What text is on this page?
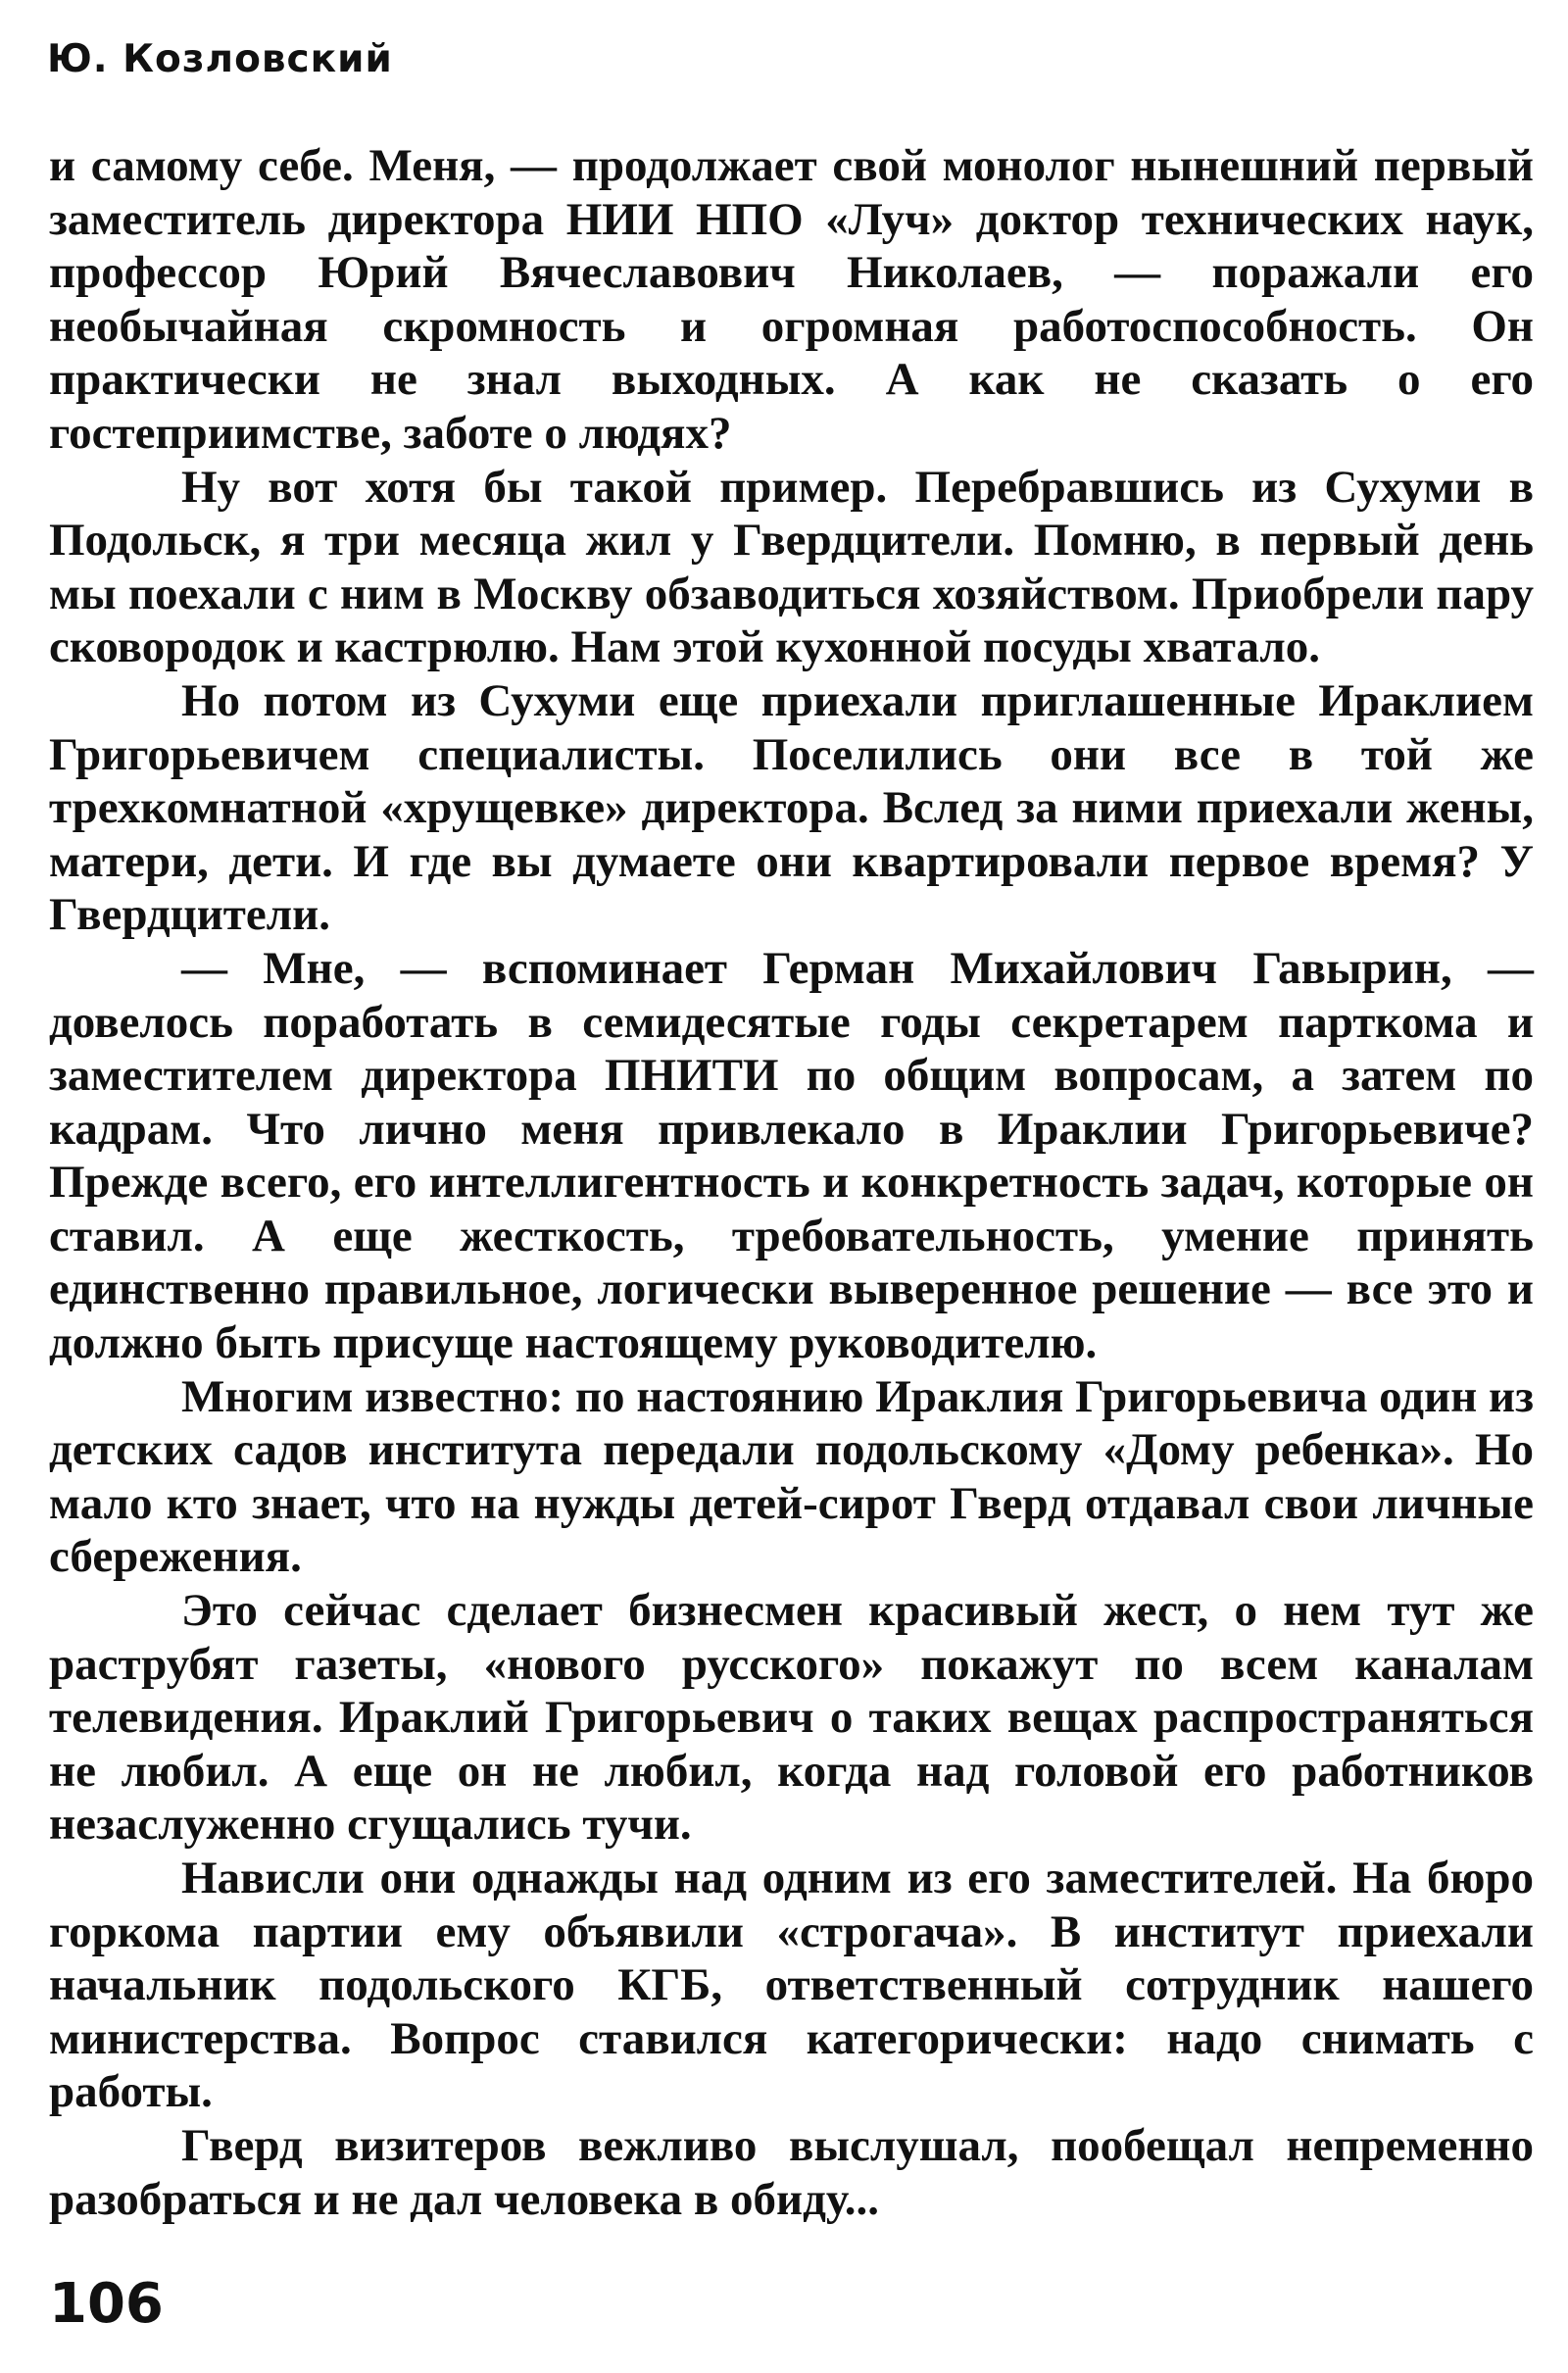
Ю. Козловский

и самому себе. Меня, — продолжает свой монолог нынешний первый заместитель директора НИИ НПО «Луч» доктор технических наук, профессор Юрий Вячеславович Николаев, — поражали его необычайная скромность и огромная работоспособность. Он практически не знал выходных. А как не сказать о его гостеприимстве, заботе о людях?

Ну вот хотя бы такой пример. Перебравшись из Сухуми в Подольск, я три месяца жил у Гвердцители. Помню, в первый день мы поехали с ним в Москву обзаводиться хозяйством. Приобрели пару сковородок и кастрюлю. Нам этой кухонной посуды хватало.

Но потом из Сухуми еще приехали приглашенные Ираклием Григорьевичем специалисты. Поселились они все в той же трехкомнатной «хрущевке» директора. Вслед за ними приехали жены, матери, дети. И где вы думаете они квартировали первое время? У Гвердцители.

— Мне, — вспоминает Герман Михайлович Гавырин, — довелось поработать в семидесятые годы секретарем парткома и заместителем директора ПНИТИ по общим вопросам, а затем по кадрам. Что лично меня привлекало в Ираклии Григорьевиче? Прежде всего, его интеллигентность и конкретность задач, которые он ставил. А еще жесткость, требовательность, умение принять единственно правильное, логически выверенное решение — все это и должно быть присуще настоящему руководителю.

Многим известно: по настоянию Ираклия Григорьевича один из детских садов института передали подольскому «Дому ребенка». Но мало кто знает, что на нужды детей-сирот Гверд отдавал свои личные сбережения.

Это сейчас сделает бизнесмен красивый жест, о нем тут же раструбят газеты, «нового русского» покажут по всем каналам телевидения. Ираклий Григорьевич о таких вещах распространяться не любил. А еще он не любил, когда над головой его работников незаслуженно сгущались тучи.

Нависли они однажды над одним из его заместителей. На бюро горкома партии ему объявили «строгача». В институт приехали начальник подольского КГБ, ответственный сотрудник нашего министерства. Вопрос ставился категорически: надо снимать с работы.

Гверд визитеров вежливо выслушал, пообещал непременно разобраться и не дал человека в обиду...

106
